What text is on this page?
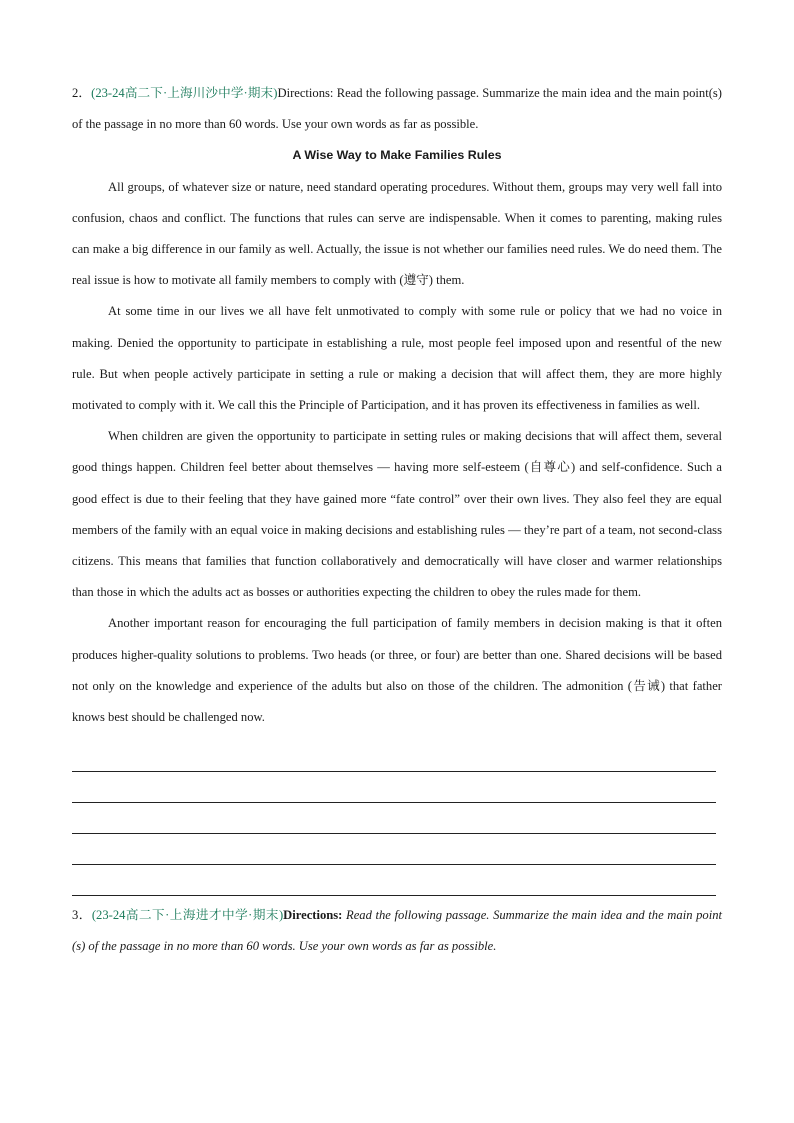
2．(23-24高二下·上海川沙中学·期末)Directions: Read the following passage. Summarize the main idea and the main point(s) of the passage in no more than 60 words. Use your own words as far as possible.

A Wise Way to Make Families Rules

All groups, of whatever size or nature, need standard operating procedures. Without them, groups may very well fall into confusion, chaos and conflict. The functions that rules can serve are indispensable. When it comes to parenting, making rules can make a big difference in our family as well. Actually, the issue is not whether our families need rules. We do need them. The real issue is how to motivate all family members to comply with (遵守) them.

At some time in our lives we all have felt unmotivated to comply with some rule or policy that we had no voice in making. Denied the opportunity to participate in establishing a rule, most people feel imposed upon and resentful of the new rule. But when people actively participate in setting a rule or making a decision that will affect them, they are more highly motivated to comply with it. We call this the Principle of Participation, and it has proven its effectiveness in families as well.

When children are given the opportunity to participate in setting rules or making decisions that will affect them, several good things happen. Children feel better about themselves — having more self-esteem (自尊心) and self-confidence. Such a good effect is due to their feeling that they have gained more “fate control” over their own lives. They also feel they are equal members of the family with an equal voice in making decisions and establishing rules — they’re part of a team, not second-class citizens. This means that families that function collaboratively and democratically will have closer and warmer relationships than those in which the adults act as bosses or authorities expecting the children to obey the rules made for them.

Another important reason for encouraging the full participation of family members in decision making is that it often produces higher-quality solutions to problems. Two heads (or three, or four) are better than one. Shared decisions will be based not only on the knowledge and experience of the adults but also on those of the children. The admonition (告诫) that father knows best should be challenged now.

3．(23-24高二下·上海进才中学·期末)Directions: Read the following passage. Summarize the main idea and the main point (s) of the passage in no more than 60 words. Use your own words as far as possible.
